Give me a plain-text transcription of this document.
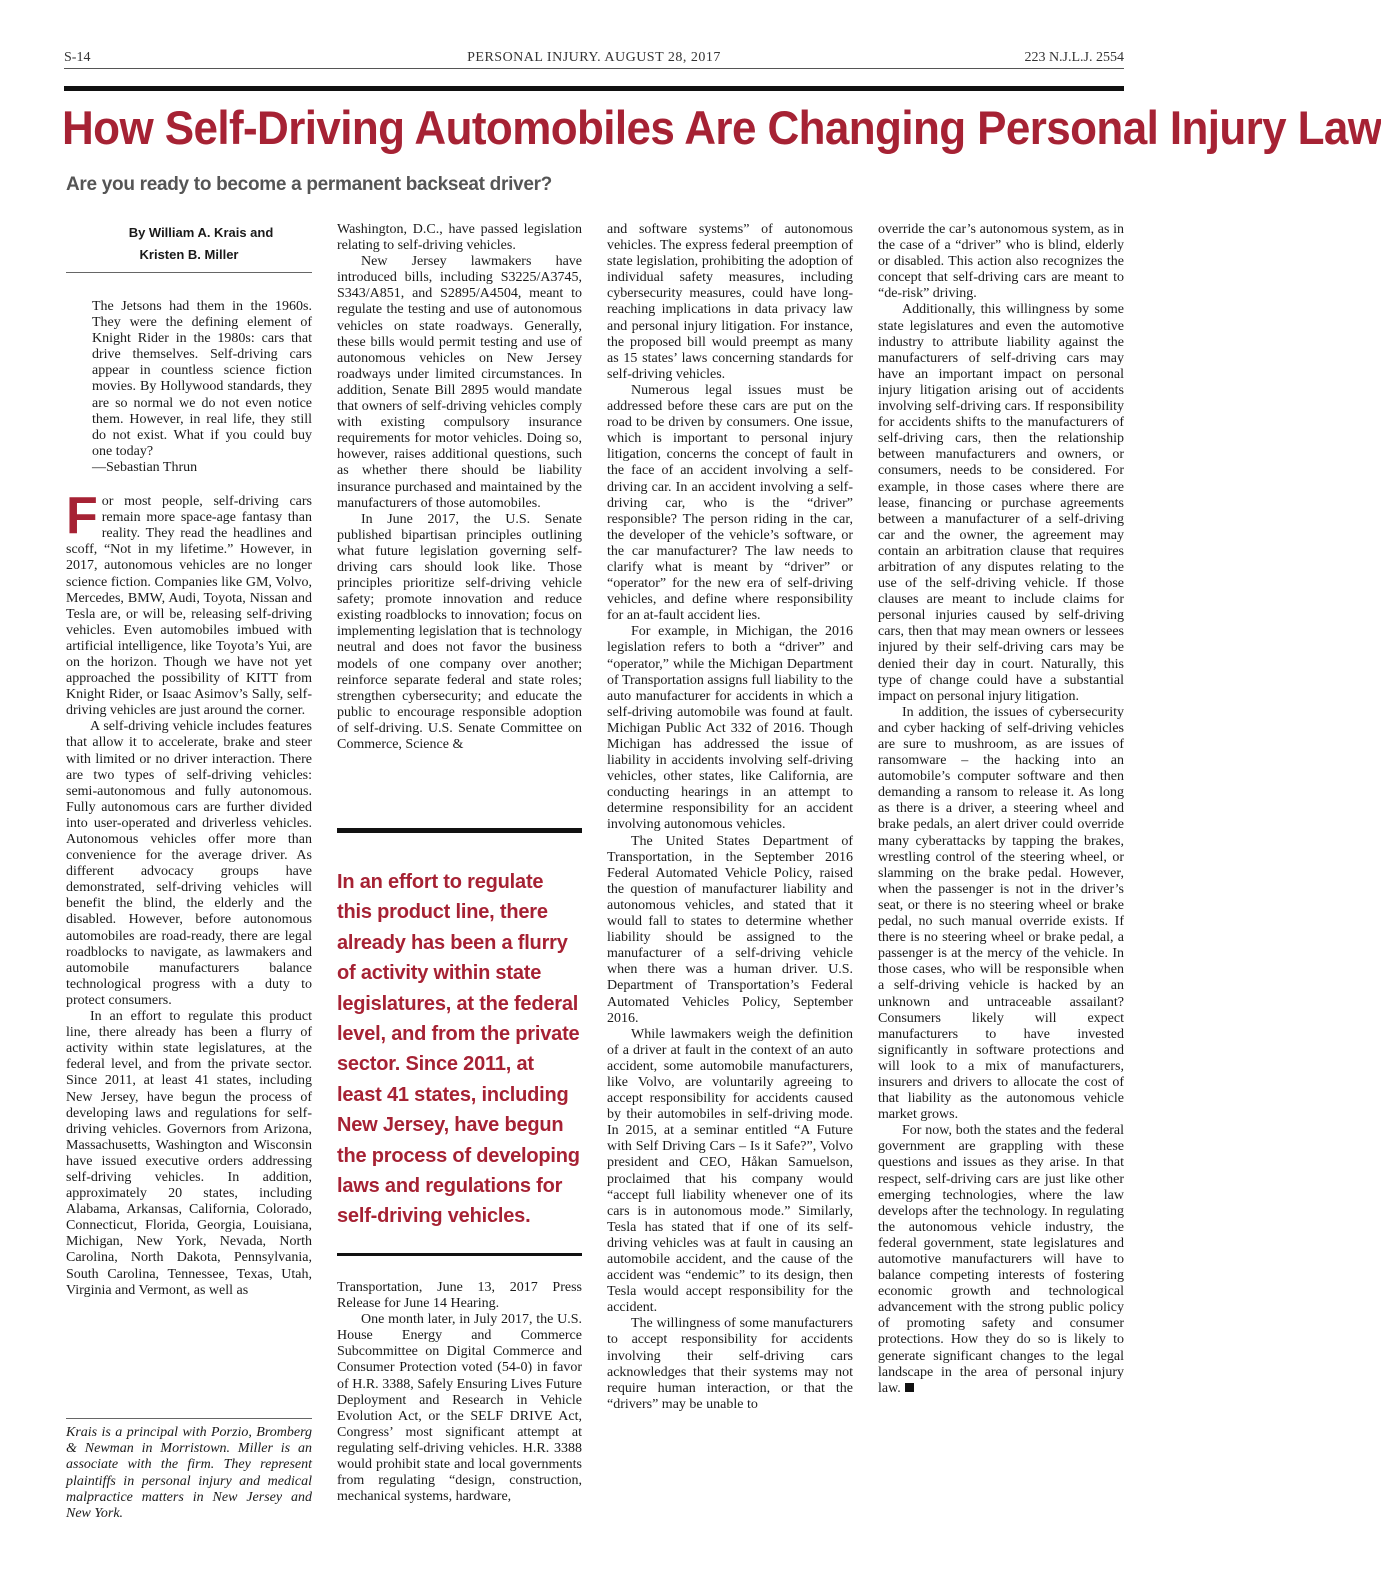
S-14	PERSONAL INJURY. AUGUST 28, 2017	223 N.J.L.J. 2554
How Self-Driving Automobiles Are Changing Personal Injury Law
Are you ready to become a permanent backseat driver?

By William A. Krais and
Kristen B. Miller

The Jetsons had them in the 1960s. They were the defining element of Knight Rider in the 1980s: cars that drive themselves. Self-driving cars appear in countless science fiction movies. By Hollywood standards, they are so normal we do not even notice them. However, in real life, they still do not exist. What if you could buy one today?

—Sebastian Thrun

For most people, self-driving cars remain more space-age fantasy than reality. They read the headlines and scoff, “Not in my lifetime.” However, in 2017, autonomous vehicles are no longer science fiction. Companies like GM, Volvo, Mercedes, BMW, Audi, Toyota, Nissan and Tesla are, or will be, releasing self-driving vehicles. Even automobiles imbued with artificial intelligence, like Toyota’s Yui, are on the horizon. Though we have not yet approached the possibility of KITT from Knight Rider, or Isaac Asimov’s Sally, self-driving vehicles are just around the corner.

A self-driving vehicle includes features that allow it to accelerate, brake and steer with limited or no driver interaction. There are two types of self-driving vehicles: semi-autonomous and fully autonomous. Fully autonomous cars are further divided into user-operated and driverless vehicles. Autonomous vehicles offer more than convenience for the average driver. As different advocacy groups have demonstrated, self-driving vehicles will benefit the blind, the elderly and the disabled. However, before autonomous automobiles are road-ready, there are legal roadblocks to navigate, as lawmakers and automobile manufacturers balance technological progress with a duty to protect consumers.

In an effort to regulate this product line, there already has been a flurry of activity within state legislatures, at the federal level, and from the private sector. Since 2011, at least 41 states, including New Jersey, have begun the process of developing laws and regulations for self-driving vehicles. Governors from Arizona, Massachusetts, Washington and Wisconsin have issued executive orders addressing self-driving vehicles. In addition, approximately 20 states, including Alabama, Arkansas, California, Colorado, Connecticut, Florida, Georgia, Louisiana, Michigan, New York, Nevada, North Carolina, North Dakota, Pennsylvania, South Carolina, Tennessee, Texas, Utah, Virginia and Vermont, as well as

Krais is a principal with Porzio, Bromberg & Newman in Morristown. Miller is an associate with the firm. They represent plaintiffs in personal injury and medical malpractice matters in New Jersey and New York.

Washington, D.C., have passed legislation relating to self-driving vehicles.

New Jersey lawmakers have introduced bills, including S3225/A3745, S343/A851, and S2895/A4504, meant to regulate the testing and use of autonomous vehicles on state roadways. Generally, these bills would permit testing and use of autonomous vehicles on New Jersey roadways under limited circumstances. In addition, Senate Bill 2895 would mandate that owners of self-driving vehicles comply with existing compulsory insurance requirements for motor vehicles. Doing so, however, raises additional questions, such as whether there should be liability insurance purchased and maintained by the manufacturers of those automobiles.

In June 2017, the U.S. Senate published bipartisan principles outlining what future legislation governing self-driving cars should look like. Those principles prioritize self-driving vehicle safety; promote innovation and reduce existing roadblocks to innovation; focus on implementing legislation that is technology neutral and does not favor the business models of one company over another; reinforce separate federal and state roles; strengthen cybersecurity; and educate the public to encourage responsible adoption of self-driving. U.S. Senate Committee on Commerce, Science &

In an effort to regulate this product line, there already has been a flurry of activity within state legislatures, at the federal level, and from the private sector. Since 2011, at least 41 states, including New Jersey, have begun the process of developing laws and regulations for self-driving vehicles.

Transportation, June 13, 2017 Press Release for June 14 Hearing.

One month later, in July 2017, the U.S. House Energy and Commerce Subcommittee on Digital Commerce and Consumer Protection voted (54-0) in favor of H.R. 3388, Safely Ensuring Lives Future Deployment and Research in Vehicle Evolution Act, or the SELF DRIVE Act, Congress’ most significant attempt at regulating self-driving vehicles. H.R. 3388 would prohibit state and local governments from regulating “design, construction, mechanical systems, hardware,

and software systems” of autonomous vehicles. The express federal preemption of state legislation, prohibiting the adoption of individual safety measures, including cybersecurity measures, could have long-reaching implications in data privacy law and personal injury litigation. For instance, the proposed bill would preempt as many as 15 states’ laws concerning standards for self-driving vehicles.

Numerous legal issues must be addressed before these cars are put on the road to be driven by consumers. One issue, which is important to personal injury litigation, concerns the concept of fault in the face of an accident involving a self-driving car. In an accident involving a self-driving car, who is the “driver” responsible? The person riding in the car, the developer of the vehicle’s software, or the car manufacturer? The law needs to clarify what is meant by “driver” or “operator” for the new era of self-driving vehicles, and define where responsibility for an at-fault accident lies.

For example, in Michigan, the 2016 legislation refers to both a “driver” and “operator,” while the Michigan Department of Transportation assigns full liability to the auto manufacturer for accidents in which a self-driving automobile was found at fault. Michigan Public Act 332 of 2016. Though Michigan has addressed the issue of liability in accidents involving self-driving vehicles, other states, like California, are conducting hearings in an attempt to determine responsibility for an accident involving autonomous vehicles.

The United States Department of Transportation, in the September 2016 Federal Automated Vehicle Policy, raised the question of manufacturer liability and autonomous vehicles, and stated that it would fall to states to determine whether liability should be assigned to the manufacturer of a self-driving vehicle when there was a human driver. U.S. Department of Transportation’s Federal Automated Vehicles Policy, September 2016.

While lawmakers weigh the definition of a driver at fault in the context of an auto accident, some automobile manufacturers, like Volvo, are voluntarily agreeing to accept responsibility for accidents caused by their automobiles in self-driving mode. In 2015, at a seminar entitled “A Future with Self Driving Cars – Is it Safe?”, Volvo president and CEO, Håkan Samuelson, proclaimed that his company would “accept full liability whenever one of its cars is in autonomous mode.” Similarly, Tesla has stated that if one of its self-driving vehicles was at fault in causing an automobile accident, and the cause of the accident was “endemic” to its design, then Tesla would accept responsibility for the accident.

The willingness of some manufacturers to accept responsibility for accidents involving their self-driving cars acknowledges that their systems may not require human interaction, or that the “drivers” may be unable to

override the car’s autonomous system, as in the case of a “driver” who is blind, elderly or disabled. This action also recognizes the concept that self-driving cars are meant to “de-risk” driving.

Additionally, this willingness by some state legislatures and even the automotive industry to attribute liability against the manufacturers of self-driving cars may have an important impact on personal injury litigation arising out of accidents involving self-driving cars. If responsibility for accidents shifts to the manufacturers of self-driving cars, then the relationship between manufacturers and owners, or consumers, needs to be considered. For example, in those cases where there are lease, financing or purchase agreements between a manufacturer of a self-driving car and the owner, the agreement may contain an arbitration clause that requires arbitration of any disputes relating to the use of the self-driving vehicle. If those clauses are meant to include claims for personal injuries caused by self-driving cars, then that may mean owners or lessees injured by their self-driving cars may be denied their day in court. Naturally, this type of change could have a substantial impact on personal injury litigation.

In addition, the issues of cybersecurity and cyber hacking of self-driving vehicles are sure to mushroom, as are issues of ransomware – the hacking into an automobile’s computer software and then demanding a ransom to release it. As long as there is a driver, a steering wheel and brake pedals, an alert driver could override many cyberattacks by tapping the brakes, wrestling control of the steering wheel, or slamming on the brake pedal. However, when the passenger is not in the driver’s seat, or there is no steering wheel or brake pedal, no such manual override exists. If there is no steering wheel or brake pedal, a passenger is at the mercy of the vehicle. In those cases, who will be responsible when a self-driving vehicle is hacked by an unknown and untraceable assailant? Consumers likely will expect manufacturers to have invested significantly in software protections and will look to a mix of manufacturers, insurers and drivers to allocate the cost of that liability as the autonomous vehicle market grows.

For now, both the states and the federal government are grappling with these questions and issues as they arise. In that respect, self-driving cars are just like other emerging technologies, where the law develops after the technology. In regulating the autonomous vehicle industry, the federal government, state legislatures and automotive manufacturers will have to balance competing interests of fostering economic growth and technological advancement with the strong public policy of promoting safety and consumer protections. How they do so is likely to generate significant changes to the legal landscape in the area of personal injury law.
